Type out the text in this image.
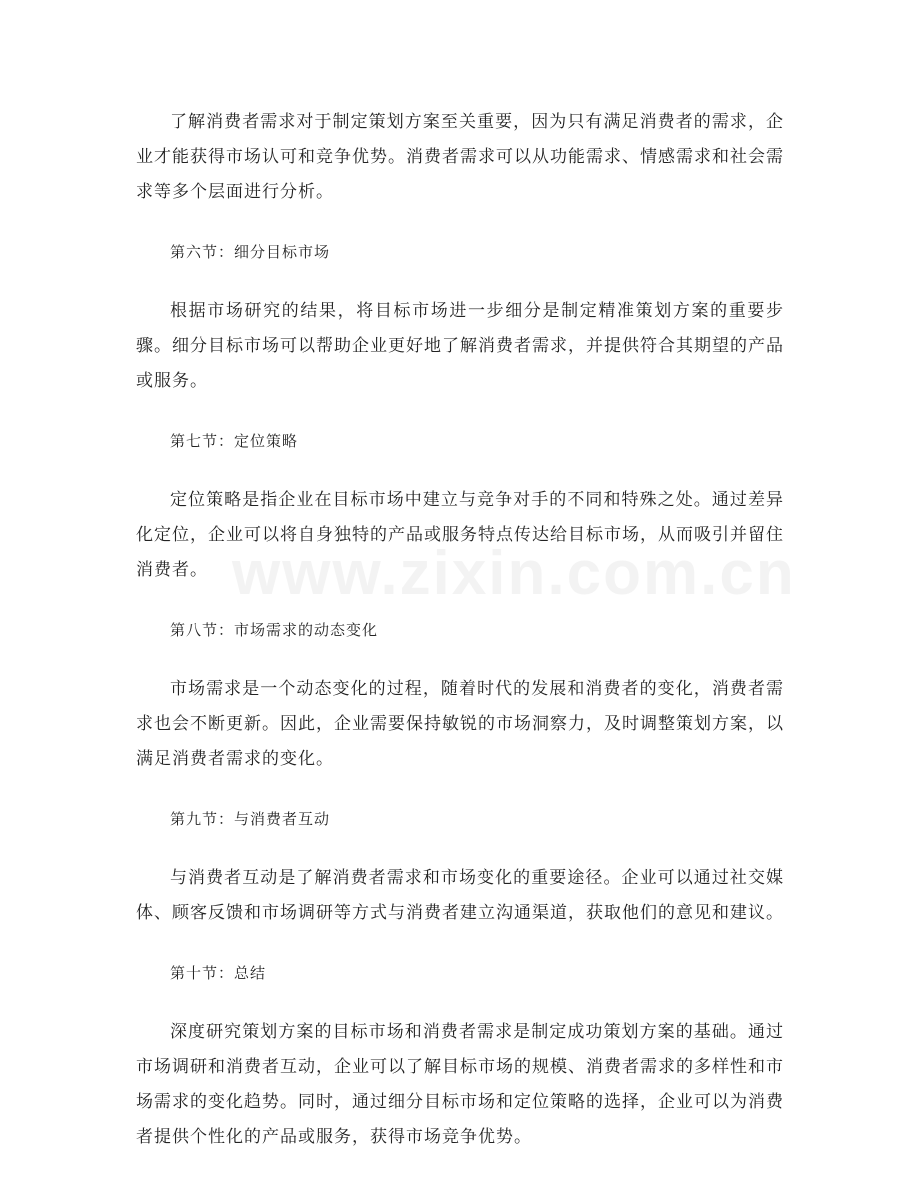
了解消费者需求对于制定策划方案至关重要，因为只有满足消费者的需求，企业才能获得市场认可和竞争优势。消费者需求可以从功能需求、情感需求和社会需求等多个层面进行分析。

第六节：细分目标市场

根据市场研究的结果，将目标市场进一步细分是制定精准策划方案的重要步骤。细分目标市场可以帮助企业更好地了解消费者需求，并提供符合其期望的产品或服务。

第七节：定位策略

定位策略是指企业在目标市场中建立与竞争对手的不同和特殊之处。通过差异化定位，企业可以将自身独特的产品或服务特点传达给目标市场，从而吸引并留住消费者。

第八节：市场需求的动态变化

市场需求是一个动态变化的过程，随着时代的发展和消费者的变化，消费者需求也会不断更新。因此，企业需要保持敏锐的市场洞察力，及时调整策划方案，以满足消费者需求的变化。

第九节：与消费者互动

与消费者互动是了解消费者需求和市场变化的重要途径。企业可以通过社交媒体、顾客反馈和市场调研等方式与消费者建立沟通渠道，获取他们的意见和建议。

第十节：总结

深度研究策划方案的目标市场和消费者需求是制定成功策划方案的基础。通过市场调研和消费者互动，企业可以了解目标市场的规模、消费者需求的多样性和市场需求的变化趋势。同时，通过细分目标市场和定位策略的选择，企业可以为消费者提供个性化的产品或服务，获得市场竞争优势。

www.zixin.com.cn
